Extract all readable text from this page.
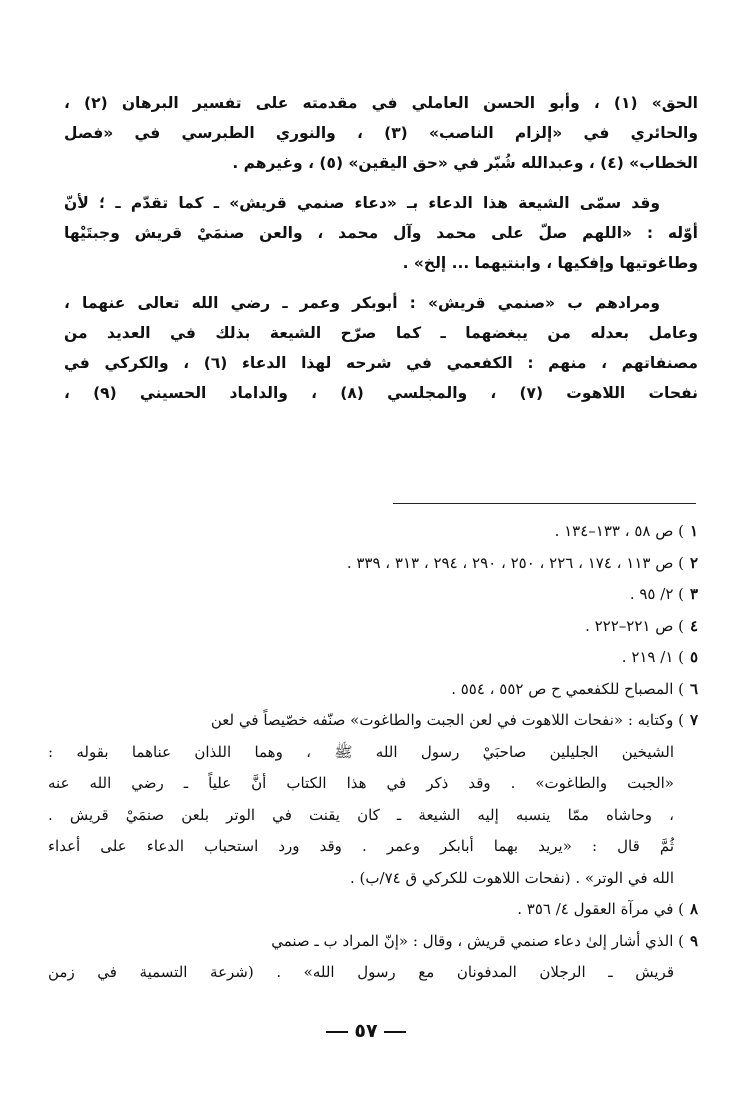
الحق» (١) ، وأبو الحسن العاملي في مقدمته على تفسير البرهان (٢) ،
والحائري في «إلزام الناصب» (٣) ، والنوري الطبرسي في «فصل
الخطاب» (٤) ، وعبدالله شُبّر في «حق اليقين» (٥) ، وغيرهم .
وقد سمّى الشيعة هذا الدعاء بـ «دعاء صنمي قريش» ـ كما تقدّم ـ ؛ لأنّ
أوّله : «اللهم صلّ على محمد وآل محمد ، والعن صنمَيْ قريش وجبتَيْها
وطاغوتيها وإفكيها ، وابنتيهما ... إلخ» .
ومرادهم ب «صنمي قريش» : أبوبكر وعمر ـ رضي الله تعالى عنهما ،
وعامل بعدله من يبغضهما ـ كما صرّح الشيعة بذلك في العديد من
مصنفاتهم ، منهم : الكفعمي في شرحه لهذا الدعاء (٦) ، والكركي في
نفحات اللاهوت (٧) ، والمجلسي (٨) ، والداماد الحسيني (٩) ،
١) ص ٥٨ ، ١٣٣–١٣٤ .
٢) ص ١١٣ ، ١٧٤ ، ٢٢٦ ، ٢٥٠ ، ٢٩٠ ، ٢٩٤ ، ٣١٣ ، ٣٣٩ .
٣) ٢/ ٩٥ .
٤) ص ٢٢١–٢٢٢ .
٥) ١/ ٢١٩ .
٦) المصباح للكفعمي ح ص ٥٥٢ ، ٥٥٤ .
٧) وكتابه : «نفحات اللاهوت في لعن الجبت والطاغوت» صنّفه خصّيصاً في لعن
الشيخين الجليلين صاحبَيْ رسول الله ﷺ ، وهما اللذان عناهما بقوله :
«الجبت والطاغوت» . وقد ذكر في هذا الكتاب أنَّ علياً ـ رضي الله عنه
، وحاشاه ممّا ينسبه إليه الشيعة ـ كان يقنت في الوتر بلعن صنمَيْ قريش .
ثُمَّ قال : «يريد بهما أبابكر وعمر . وقد ورد استحباب الدعاء على أعداء
الله في الوتر» . (نفحات اللاهوت للكركي ق ٧٤/ب) .
٨) في مرآة العقول ٤/ ٣٥٦ .
٩) الذي أشار إلىٰ دعاء صنمي قريش ، وقال : «إنّ المراد ب ـ صنمي
قريش ـ الرجلان المدفونان مع رسول الله» . (شرعة التسمية في زمن
٥٧
